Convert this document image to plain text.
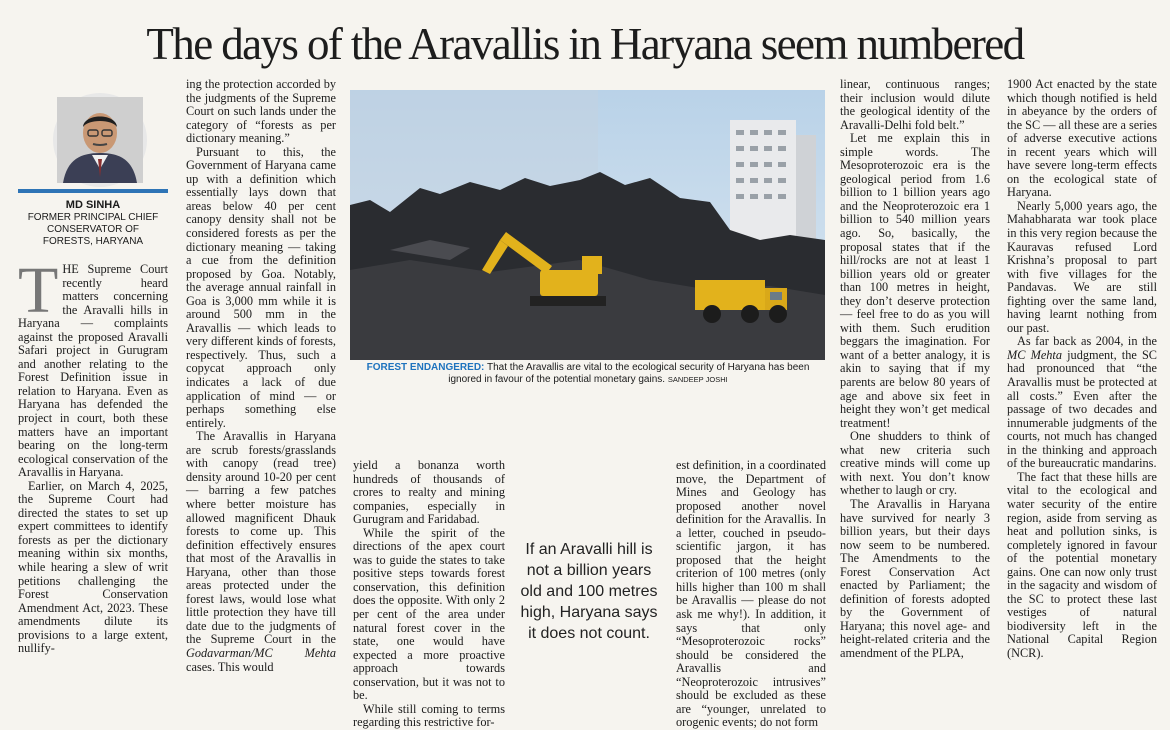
The days of the Aravallis in Haryana seem numbered
MD SINHA
FORMER PRINCIPAL CHIEF
CONSERVATOR OF
FORESTS, HARYANA
T HE Supreme Court recently heard matters concerning the Aravalli hills in Haryana — complaints against the proposed Aravalli Safari project in Gurugram and another relating to the Forest Definition issue in relation to Haryana. Even as Haryana has defended the project in court, both these matters have an important bearing on the long-term ecological conservation of the Aravallis in Haryana.

Earlier, on March 4, 2025, the Supreme Court had directed the states to set up expert committees to identify forests as per the dictionary meaning within six months, while hearing a slew of writ petitions challenging the Forest Conservation Amendment Act, 2023. These amendments dilute its provisions to a large extent, nullify-

ing the protection accorded by the judgments of the Supreme Court on such lands under the category of “forests as per dictionary meaning.”

Pursuant to this, the Government of Haryana came up with a definition which essentially lays down that areas below 40 per cent canopy density shall not be considered forests as per the dictionary meaning — taking a cue from the definition proposed by Goa. Notably, the average annual rainfall in Goa is 3,000 mm while it is around 500 mm in the Aravallis — which leads to very different kinds of forests, respectively. Thus, such a copycat approach only indicates a lack of due application of mind — or perhaps something else entirely.

The Aravallis in Haryana are scrub forests/grasslands with canopy (read tree) density around 10-20 per cent — barring a few patches where better moisture has allowed magnificent Dhauk forests to come up. This definition effectively ensures that most of the Aravallis in Haryana, other than those areas protected under the forest laws, would lose what little protection they have till date due to the judgments of the Supreme Court in the Godavarman/MC Mehta cases. This would

FOREST ENDANGERED: That the Aravallis are vital to the ecological security of Haryana has been ignored in favour of the potential monetary gains. SANDEEP JOSHI

yield a bonanza worth hundreds of thousands of crores to realty and mining companies, especially in Gurugram and Faridabad.

While the spirit of the directions of the apex court was to guide the states to take positive steps towards forest conservation, this definition does the opposite. With only 2 per cent of the area under natural forest cover in the state, one would have expected a more proactive approach towards conservation, but it was not to be.

While still coming to terms regarding this restrictive for-

If an Aravalli hill is not a billion years old and 100 metres high, Haryana says it does not count.

est definition, in a coordinated move, the Department of Mines and Geology has proposed another novel definition for the Aravallis. In a letter, couched in pseudo-scientific jargon, it has proposed that the height criterion of 100 metres (only hills higher than 100 m shall be Aravallis — please do not ask me why!). In addition, it says that only “Mesoproterozoic rocks” should be considered the Aravallis and “Neoproterozoic intrusives” should be excluded as these are “younger, unrelated to orogenic events; do not form

linear, continuous ranges; their inclusion would dilute the geological identity of the Aravalli-Delhi fold belt.”

Let me explain this in simple words. The Mesoproterozoic era is the geological period from 1.6 billion to 1 billion years ago and the Neoproterozoic era 1 billion to 540 million years ago. So, basically, the proposal states that if the hill/rocks are not at least 1 billion years old or greater than 100 metres in height, they don’t deserve protection — feel free to do as you will with them. Such erudition beggars the imagination. For want of a better analogy, it is akin to saying that if my parents are below 80 years of age and above six feet in height they won’t get medical treatment!

One shudders to think of what new criteria such creative minds will come up with next. You don’t know whether to laugh or cry.

The Aravallis in Haryana have survived for nearly 3 billion years, but their days now seem to be numbered. The Amendments to the Forest Conservation Act enacted by Parliament; the definition of forests adopted by the Government of Haryana; this novel age- and height-related criteria and the amendment of the PLPA,

1900 Act enacted by the state which though notified is held in abeyance by the orders of the SC — all these are a series of adverse executive actions in recent years which will have severe long-term effects on the ecological state of Haryana.

Nearly 5,000 years ago, the Mahabharata war took place in this very region because the Kauravas refused Lord Krishna’s proposal to part with five villages for the Pandavas. We are still fighting over the same land, having learnt nothing from our past.

As far back as 2004, in the MC Mehta judgment, the SC had pronounced that “the Aravallis must be protected at all costs.” Even after the passage of two decades and innumerable judgments of the courts, not much has changed in the thinking and approach of the bureaucratic mandarins.

The fact that these hills are vital to the ecological and water security of the entire region, aside from serving as heat and pollution sinks, is completely ignored in favour of the potential monetary gains. One can now only trust in the sagacity and wisdom of the SC to protect these last vestiges of natural biodiversity left in the National Capital Region (NCR).
